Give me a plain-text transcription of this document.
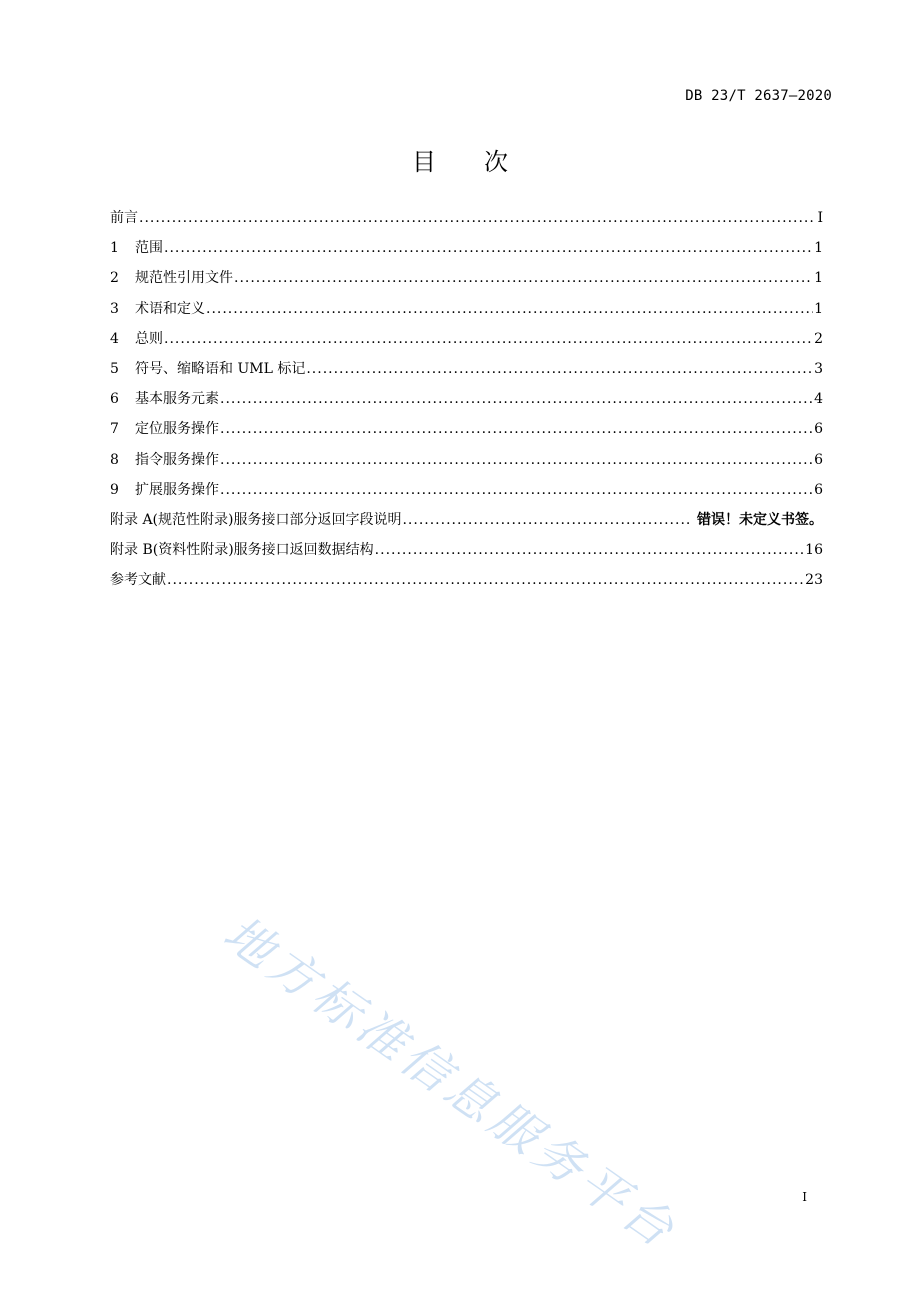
DB 23/T 2637—2020
目 次
前言 .....	I
1	范围 .....	1
2	规范性引用文件 .....	1
3	术语和定义 .....	1
4	总则 .....	2
5	符号、缩略语和 UML 标记 .....	3
6	基本服务元素 .....	4
7	定位服务操作 .....	6
8	指令服务操作 .....	6
9	扩展服务操作 .....	6
附录 A(规范性附录)服务接口部分返回字段说明 .....	错误！未定义书签。
附录 B(资料性附录)服务接口返回数据结构 .....	16
参考文献 .....	23
地方标准信息服务平台	I
